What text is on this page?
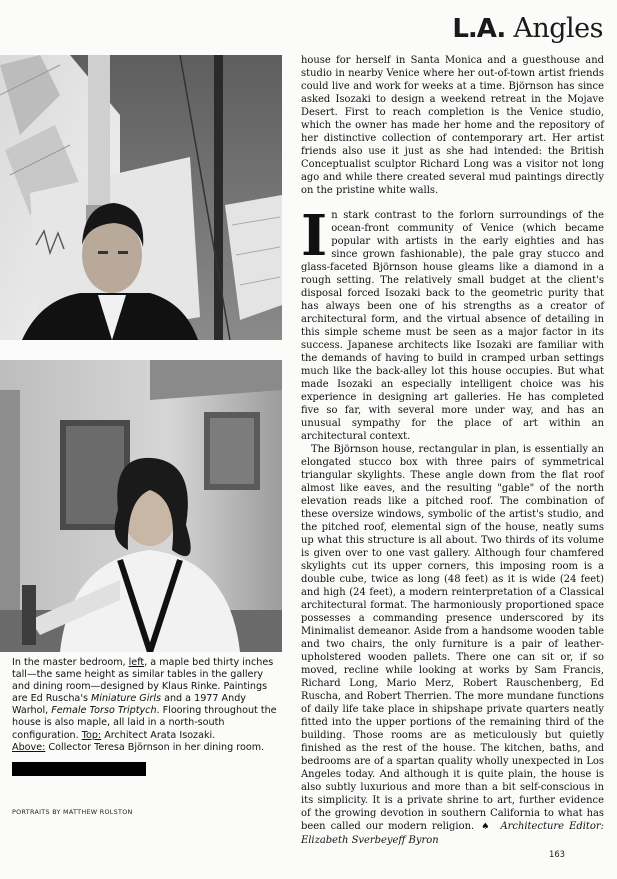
L.A. Angles
In the master bedroom, left, a maple bed thirty inches tall—the same height as similar tables in the gallery and dining room—designed by Klaus Rinke. Paintings are Ed Ruscha's Miniature Girls and a 1977 Andy Warhol, Female Torso Triptych. Flooring throughout the house is also maple, all laid in a north-south configuration. Top: Architect Arata Isozaki.
Above: Collector Teresa Björnson in her dining room.
PORTRAITS BY MATTHEW ROLSTON

house for herself in Santa Monica and a guesthouse and studio in nearby Venice where her out-of-town artist friends could live and work for weeks at a time. Björnson has since asked Isozaki to design a weekend retreat in the Mojave Desert. First to reach completion is the Venice studio, which the owner has made her home and the repository of her distinctive collection of contemporary art. Her artist friends also use it just as she had intended: the British Conceptualist sculptor Richard Long was a visitor not long ago and while there created several mud paintings directly on the pristine white walls.

In stark contrast to the forlorn surroundings of the ocean-front community of Venice (which became popular with artists in the early eighties and has since grown fashionable), the pale gray stucco and glass-faceted Björnson house gleams like a diamond in a rough setting. The relatively small budget at the client's disposal forced Isozaki back to the geometric purity that has always been one of his strengths as a creator of architectural form, and the virtual absence of detailing in this simple scheme must be seen as a major factor in its success. Japanese architects like Isozaki are familiar with the demands of having to build in cramped urban settings much like the back-alley lot this house occupies. But what made Isozaki an especially intelligent choice was his experience in designing art galleries. He has completed five so far, with several more under way, and has an unusual sympathy for the place of art within an architectural context.

The Björnson house, rectangular in plan, is essentially an elongated stucco box with three pairs of symmetrical triangular skylights. These angle down from the flat roof almost like eaves, and the resulting "gable" of the north elevation reads like a pitched roof. The combination of these oversize windows, symbolic of the artist's studio, and the pitched roof, elemental sign of the house, neatly sums up what this structure is all about. Two thirds of its volume is given over to one vast gallery. Although four chamfered skylights cut its upper corners, this imposing room is a double cube, twice as long (48 feet) as it is wide (24 feet) and high (24 feet), a modern reinterpretation of a Classical architectural format. The harmoniously proportioned space possesses a commanding presence underscored by its Minimalist demeanor. Aside from a handsome wooden table and two chairs, the only furniture is a pair of leather-upholstered wooden pallets. There one can sit or, if so moved, recline while looking at works by Sam Francis, Richard Long, Mario Merz, Robert Rauschenberg, Ed Ruscha, and Robert Therrien. The more mundane functions of daily life take place in shipshape private quarters neatly fitted into the upper portions of the remaining third of the building. Those rooms are as meticulously but quietly finished as the rest of the house. The kitchen, baths, and bedrooms are of a spartan quality wholly unexpected in Los Angeles today. And although it is quite plain, the house is also subtly luxurious and more than a bit self-conscious in its simplicity. It is a private shrine to art, further evidence of the growing devotion in southern California to what has been called our modern religion. ♠ Architecture Editor: Elizabeth Sverbeyeff Byron

163
